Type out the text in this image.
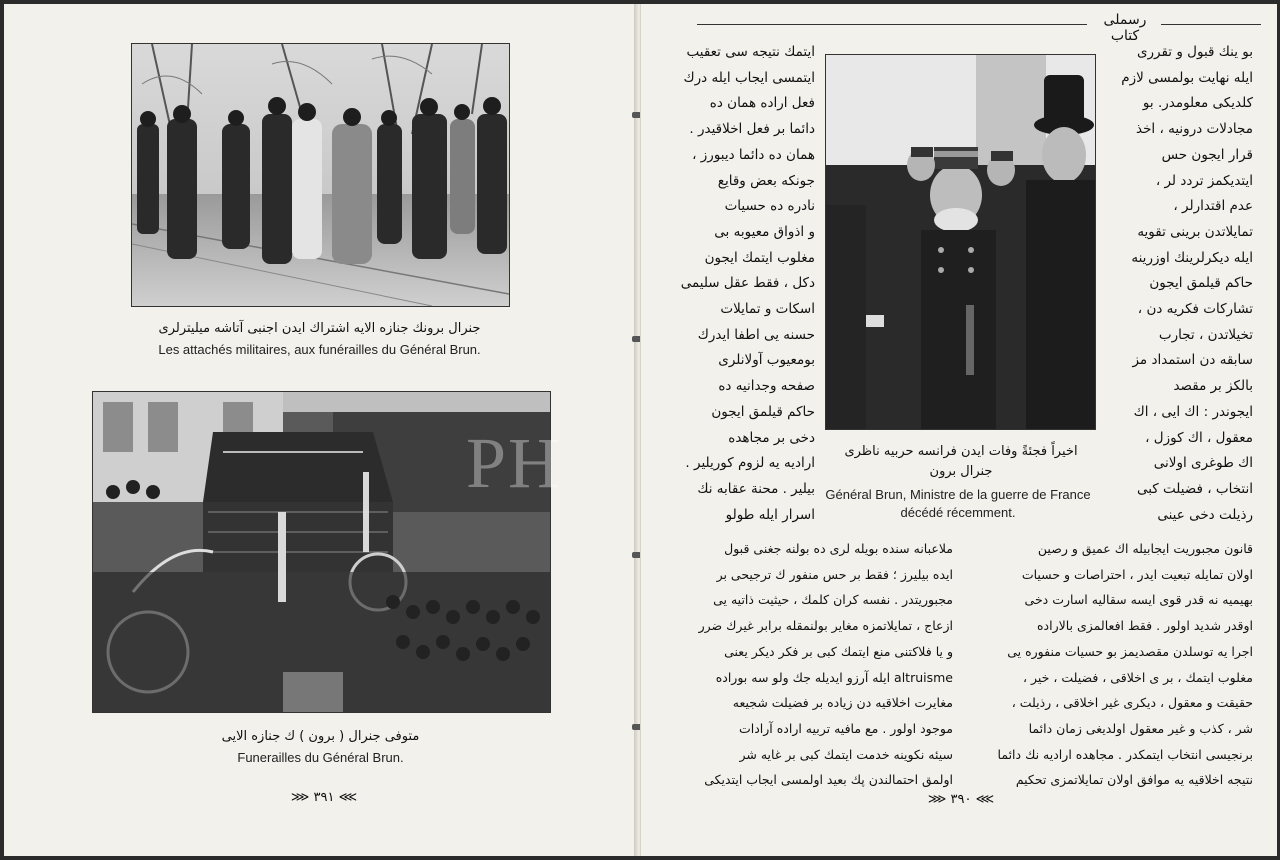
جنرال برونك جنازه الایه اشتراك ایدن اجنبی آتاشه میلیترلری
Les attachés militaires, aux funérailles du Général Brun.
PH
متوفی جنرال ( برون ) ك جنازه الایی
Funerailles du Général Brun.
⋙ ٣٩١ ⋘
رسملی کتاب
اخیراً فجئةً وفات ایدن فرانسه حربیه ناظری
جنرال برون
Général Brun, Ministre de la guerre de France décédé récemment.
بو ینك قبول و تقرری
ایله نهایت بولمسی لازم
كلدیكی معلومدر. بو
مجادلات درونیه ، اخذ
قرار ایجون حس
ایتدیكمز تردد لر ،
عدم اقتدارلر ،
تمایلاتدن برینی تقویه
ایله دیكرلرینك اوزرینه
حاكم قیلمق ایجون
تشاركات فكریه دن ،
تخیلاتدن ، تجارب
سابقه دن استمداد مز
بالكز بر مقصد
ایجوندر : اك ایی ، اك
معقول ، اك كوزل ،
اك طوغری اولانی
انتخاب ، فضیلت كبی
رذیلت دخی عینی
ایتمك نتیجه سی تعقیب
ایتمسی ایجاب ایله درك
فعل اراده همان ده
دائما بر فعل اخلاقیدر .
همان ده دائما دیبورز ،
جونكه بعض وقایع
نادره ده حسیات
و اذواق معیوبه بی
مغلوب ایتمك ایجون
دكل ، فقط عقل سلیمی
اسكات و تمایلات
حسنه یی اطفا ایدرك
بومعیوب آولانلری
صفحه وجدانیه ده
حاكم قیلمق ایجون
دخی بر مجاهده
ارادیه یه لزوم كوریلیر .
بیلیر . محنة عقابه نك
اسرار ایله طولو
قانون مجبوریت ایجابیله اك عمیق و رصین
اولان تمایله تبعیت ایدر ، احتراصات و حسیات
بهیمیه نه قدر قوی ایسه سقالیه اسارت دخی
اوقدر شدید اولور . فقط افعالمزی بالاراده
اجرا یه توسلدن مقصدیمز بو حسیات منفوره یی
مغلوب ایتمك ، بر ی اخلاقی ، فضیلت ، خیر ،
حقیقت و معقول ، دیكری غیر اخلاقی ، رذیلت ،
شر ، كذب و غیر معقول اولدیغی زمان دائما
برنجیسی انتخاب ایتمكدر . مجاهده ارادیه نك دائما
نتیجه اخلاقیه یه موافق اولان تمایلاتمزی تحكیم
ملاعبانه سنده بویله لری ده بولنه جغنی قبول
ایده بیلیرز ؛ فقط بر حس منفور ك ترجیحی بر
مجبوریتدر . نفسه كران كلمك ، حیثیت ذاتیه یی
ازعاج ، تمایلاتمزه مغایر بولنمقله برابر غیرك ضرر
و یا فلاكتنی منع ایتمك كبی بر فكر دیكر یعنی
altruisme ایله آرزو ایدیله جك ولو سه بوراده
مغایرت اخلاقیه دن زیاده بر فضیلت شجیعه
موجود اولور . مع مافیه تربیه اراده آرادات
سیئه نكوینه خدمت ایتمك كبی بر غایه شر
اولمق احتمالندن پك بعید اولمسی ایجاب ایتدیكی
⋙ ٣٩٠ ⋘
